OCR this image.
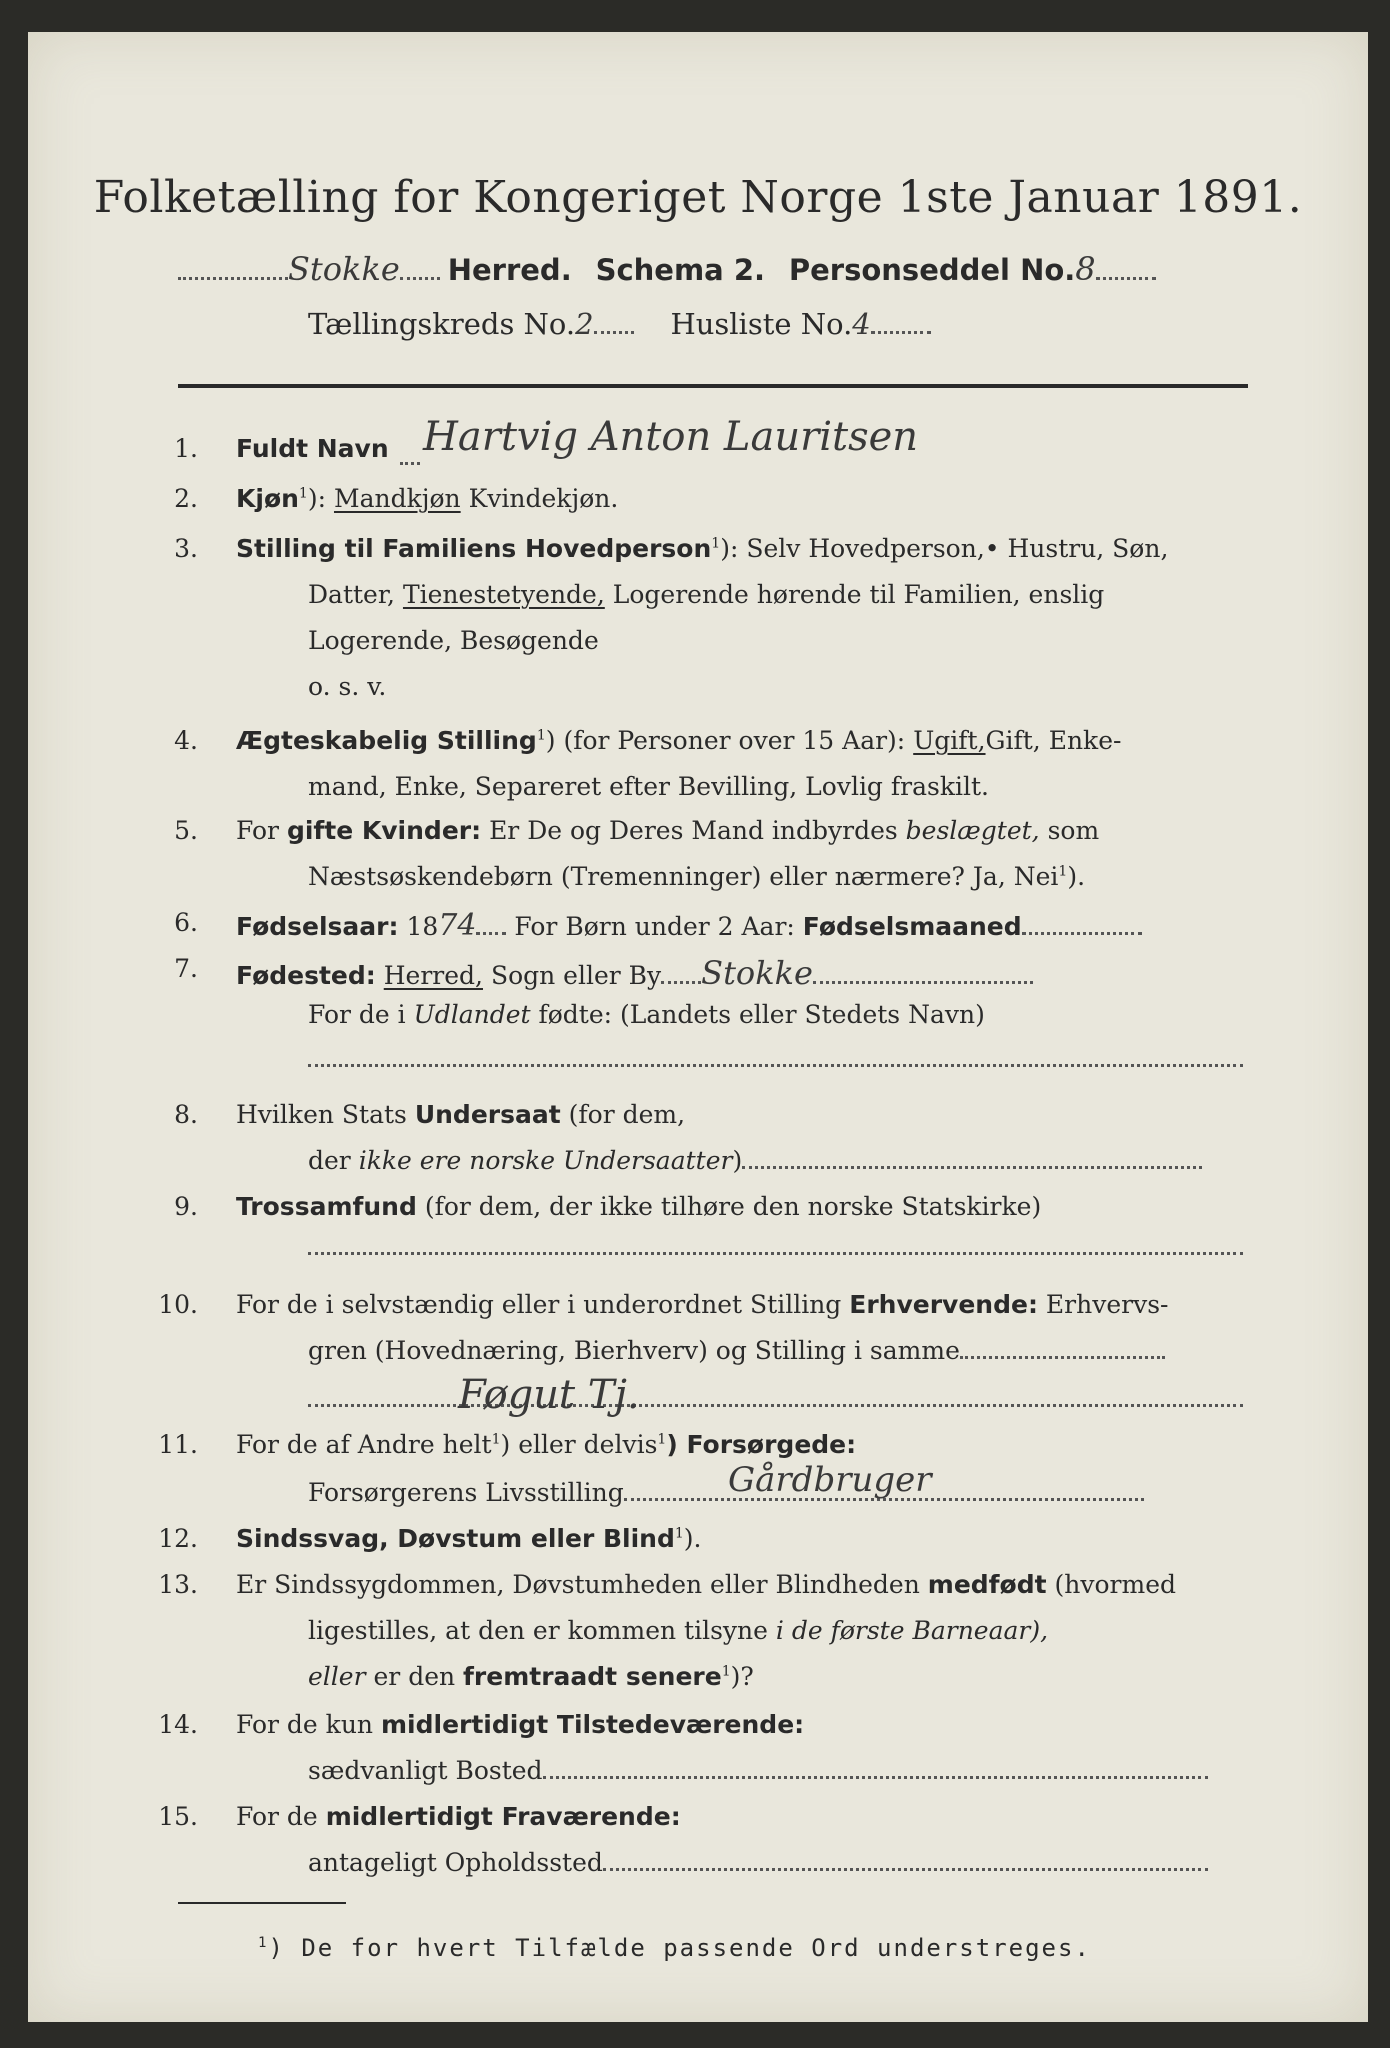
Folketælling for Kongeriget Norge 1ste Januar 1891.
Stokke Herred. Schema 2. Personseddel No.8
Tællingskreds No.2	Husliste No.4
1. Fuldt Navn Hartvig Anton Lauritsen
2. Kjøn$^1$): Mandkjøn Kvindekjøn.
3. Stilling til Familiens Hovedperson$^1$): Selv Hovedperson,• Hustru, Søn,
Datter, Tienestetyende, Logerende hørende til Familien, enslig
Logerende, Besøgende
o. s. v.
4. Ægteskabelig Stilling$^1$) (for Personer over 15 Aar): Ugift,Gift, Enke-
mand, Enke, Separeret efter Bevilling, Lovlig fraskilt.
5. For gifte Kvinder: Er De og Deres Mand indbyrdes beslægtet, som
Næstsøskendebørn (Tremenninger) eller nærmere? Ja, Nei$^1$).
6. Fødselsaar: 1874 For Børn under 2 Aar: Fødselsmaaned
7. Fødested: Herred, Sogn eller By Stokke
For de i Udlandet fødte: (Landets eller Stedets Navn)
8. Hvilken Stats Undersaat (for dem,
der ikke ere norske Undersaatter)
9. Trossamfund (for dem, der ikke tilhøre den norske Statskirke)
10. For de i selvstændig eller i underordnet Stilling Erhvervende: Erhvervs-
gren (Hovednæring, Bierhverv) og Stilling i samme
Føgut Tj.
11. For de af Andre helt$^1$) eller delvis$^1$) Forsørgede:
Forsørgerens Livsstilling	Gårdbruger
12. Sindssvag, Døvstum eller Blind$^1$).
13. Er Sindssygdommen, Døvstumheden eller Blindheden medfødt (hvormed
ligestilles, at den er kommen tilsyne i de første Barneaar),
eller er den fremtraadt senere$^1$)?
14. For de kun midlertidigt Tilstedeværende:
sædvanligt Bosted
15. For de midlertidigt Fraværende:
antageligt Opholdssted
$^1$) De for hvert Tilfælde passende Ord understreges.
